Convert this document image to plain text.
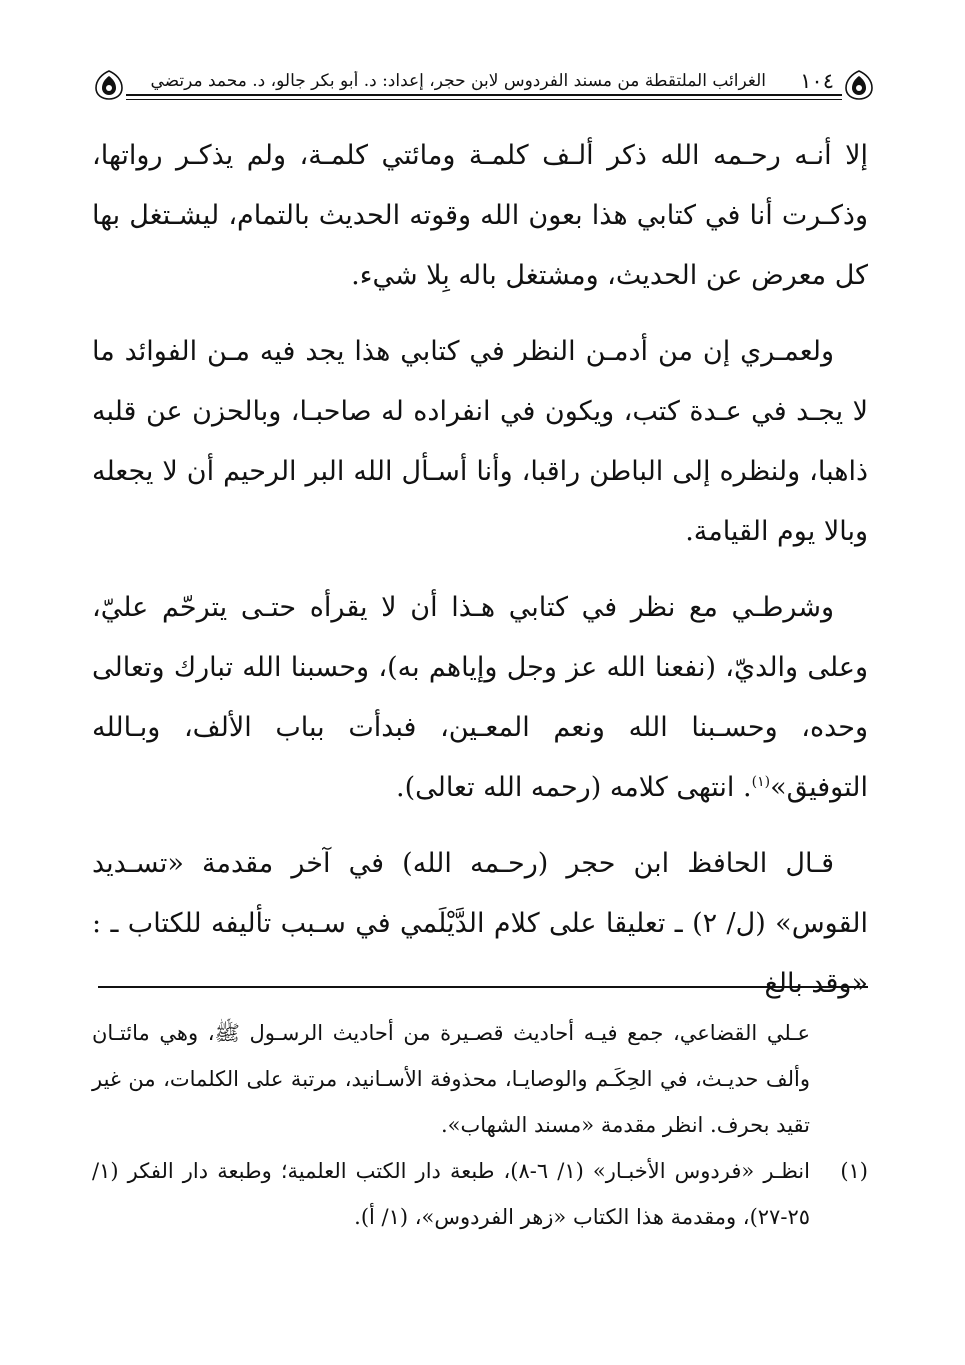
١٠٤
الغرائب الملتقطة من مسند الفردوس لابن حجر، إعداد: د. أبو بكر جالو، د. محمد مرتضي

إلا أنـه رحـمه الله ذكر ألـف كلمـة ومائتي كلمـة، ولم يذكـر رواتها، وذكـرت أنا في كتابي هذا بعون الله وقوته الحديث بالتمام، ليشـتغل بها كل معرض عن الحديث، ومشتغل باله بِلا شيء.

ولعمـري إن من أدمـن النظر في كتابي هذا يجد فيه مـن الفوائد ما لا يجـد في عـدة كتب، ويكون في انفراده له صاحبـا، وبالحزن عن قلبه ذاهبا، ولنظره إلى الباطن راقبا، وأنا أسـأل الله البر الرحيم أن لا يجعله وبالا يوم القيامة.

وشرطـي مع نظر في كتابي هـذا أن لا يقرأه حتـى يترحّم عليّ، وعلى والديّ، (نفعنا الله عز وجل وإياهم به)، وحسبنا الله تبارك وتعالى وحده، وحسـبنا الله ونعم المعـين، فبدأت بباب الألف، وبـالله التوفيق»$^{(١)}$. انتهى كلامه (رحمه الله تعالى).

قـال الحافظ ابن حجر (رحـمه الله) في آخر مقدمة «تسـديد القوس» (ل/ ٢) ـ تعليقا على كلام الدَّيْلَمي في سـبب تأليفه للكتاب ـ : «وقد بالغ

عـلي القضاعي، جمع فيـه أحاديث قصـيرة من أحاديث الرسـول ﷺ، وهي مائتـان وألف حديـث، في الحِكَـم والوصايـا، محذوفة الأسـانيد، مرتبة على الكلمات، من غير تقيد بحرف. انظر مقدمة «مسند الشهاب».

(١)
انظـر «فردوس الأخبـار» (١/ ٦-٨)، طبعة دار الكتب العلمية؛ وطبعة دار الفكر (١/ ٢٥-٢٧)، ومقدمة هذا الكتاب «زهر الفردوس»، (١/ أ).
